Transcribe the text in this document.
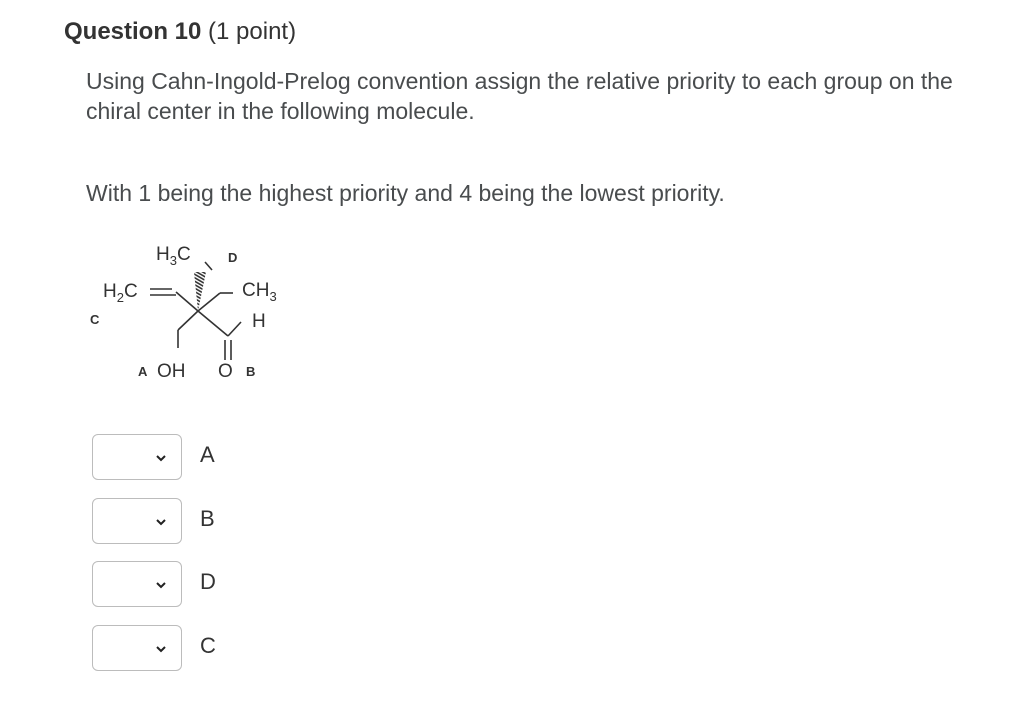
Question 10 (1 point)
Using Cahn-Ingold-Prelog convention assign the relative priority to each group on the chiral center in the following molecule.
With 1 being the highest priority and 4 being the lowest priority.
$H_3C$	D
$CH_3$
$H_2C$
C	H
A OH O B
A
B
D
C
